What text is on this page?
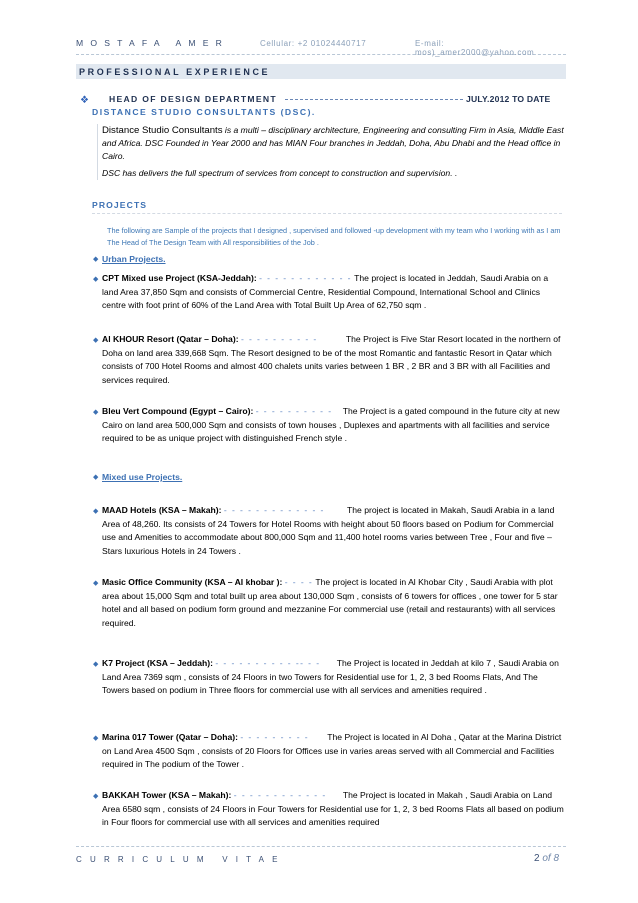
MOSTAFA AMER	Cellular: +2 01024440717	E-mail: mos)_amer2000@yahoo.com
PROFESSIONAL EXPERIENCE
❖ HEAD OF DESIGN DEPARTMENT	JULY.2012 TO DATE
DISTANCE STUDIO CONSULTANTS (DSC).

Distance Studio Consultants is a multi – disciplinary architecture, Engineering and consulting Firm in Asia, Middle East and Africa. DSC Founded in Year 2000 and has MIAN Four branches in Jeddah, Doha, Abu Dhabi and the Head office in Cairo.

DSC has delivers the full spectrum of services from concept to construction and supervision. .

PROJECTS
The following are Sample of the projects that I designed , supervised and followed -up development with my team who I working with as I am The Head of The Design Team with All responsibilities of the Job .
◆ Urban Projects.
◆ CPT Mixed use Project (KSA-Jeddah): - - - - - - - - - - - - The project is located in Jeddah, Saudi Arabia on a land Area 37,850 Sqm and consists of Commercial Centre, Residential Compound, International School and Clinics centre with foot print of 60% of the Land Area with Total Built Up Area of 62,750 sqm .
◆ Al KHOUR Resort (Qatar – Doha): - - - - - - - - - -	The Project is Five Star Resort located in the northern of Doha on land area 339,668 Sqm. The Resort designed to be of the most Romantic and fantastic Resort in Qatar which consists of 700 Hotel Rooms and almost 400 chalets units varies between 1 BR , 2 BR and 3 BR with all Facilities and services required.
◆ Bleu Vert Compound (Egypt – Cairo): - - - - - - - - - - The Project is a gated compound in the future city at new Cairo on land area 500,000 Sqm and consists of town houses , Duplexes and apartments with all facilities and service required to be as unique project with distinguished French style .
◆ Mixed use Projects.
◆ MAAD Hotels (KSA – Makah): - - - - - - - - - - - - -	The project is located in Makah, Saudi Arabia in a land Area of 48,260. Its consists of 24 Towers for Hotel Rooms with height about 50 floors based on Podium for Commercial use and Amenities to accommodate about 800,000 Sqm and 11,400 hotel rooms varies between Tree , Four and five – Stars luxurious Hotels in 24 Towers .
◆ Masic Office Community (KSA – Al khobar ): - - - - The project is located in Al Khobar City , Saudi Arabia with plot area about 15,000 Sqm and total built up area about 130,000 Sqm , consists of 6 towers for offices , one tower for 5 star hotel and all based on podium form ground and mezzanine For commercial use (retail and restaurants) with all services required.
◆ K7 Project (KSA – Jeddah): - - - - - - - - - - -- - - The Project is located in Jeddah at kilo 7 , Saudi Arabia on Land Area 7369 sqm , consists of 24 Floors in two Towers for Residential use for 1, 2, 3 bed Rooms Flats, And The Towers based on podium in Three floors for commercial use with all services and amenities required .
◆ Marina 017 Tower (Qatar – Doha): - - - - - - - - - The Project is located in Al Doha , Qatar at the Marina District on Land Area 4500 Sqm , consists of 20 Floors for Offices use in varies areas served with all Commercial and Facilities required in The podium of the Tower .
◆ BAKKAH Tower (KSA – Makah): - - - - - - - - - - - - The Project is located in Makah , Saudi Arabia on Land Area 6580 sqm , consists of 24 Floors in Four Towers for Residential use for 1, 2, 3 bed Rooms Flats all based on podium in Four floors for commercial use with all services and amenities required
CURRICULUM VITAE	2 of 8
